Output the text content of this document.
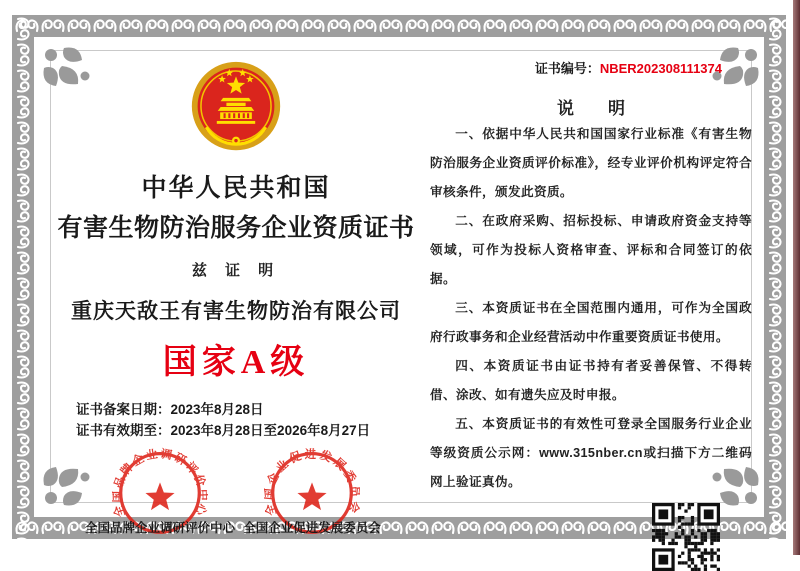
中华人民共和国
有害生物防治服务企业资质证书
兹 证 明
重庆天敌王有害生物防治有限公司
国家A级
证书备案日期：2023年8月28日
证书有效期至：2023年8月28日至2026年8月27日
全国品牌企业调研评价中心
全国品牌企业调研评价中心
全国企业促进发展委员会
全国企业促进发展委员会
证书编号：NBER202308111374
说　　明

一、依据中华人民共和国国家行业标准《有害生物防治服务企业资质评价标准》，经专业评价机构评定符合审核条件，颁发此资质。

二、在政府采购、招标投标、申请政府资金支持等领域，可作为投标人资格审查、评标和合同签订的依据。

三、本资质证书在全国范围内通用，可作为全国政府行政事务和企业经营活动中作重要资质证书使用。

四、本资质证书由证书持有者妥善保管、不得转借、涂改、如有遗失应及时申报。

五、本资质证书的有效性可登录全国服务行业企业等级资质公示网：www.315nber.cn或扫描下方二维码网上验证真伪。
